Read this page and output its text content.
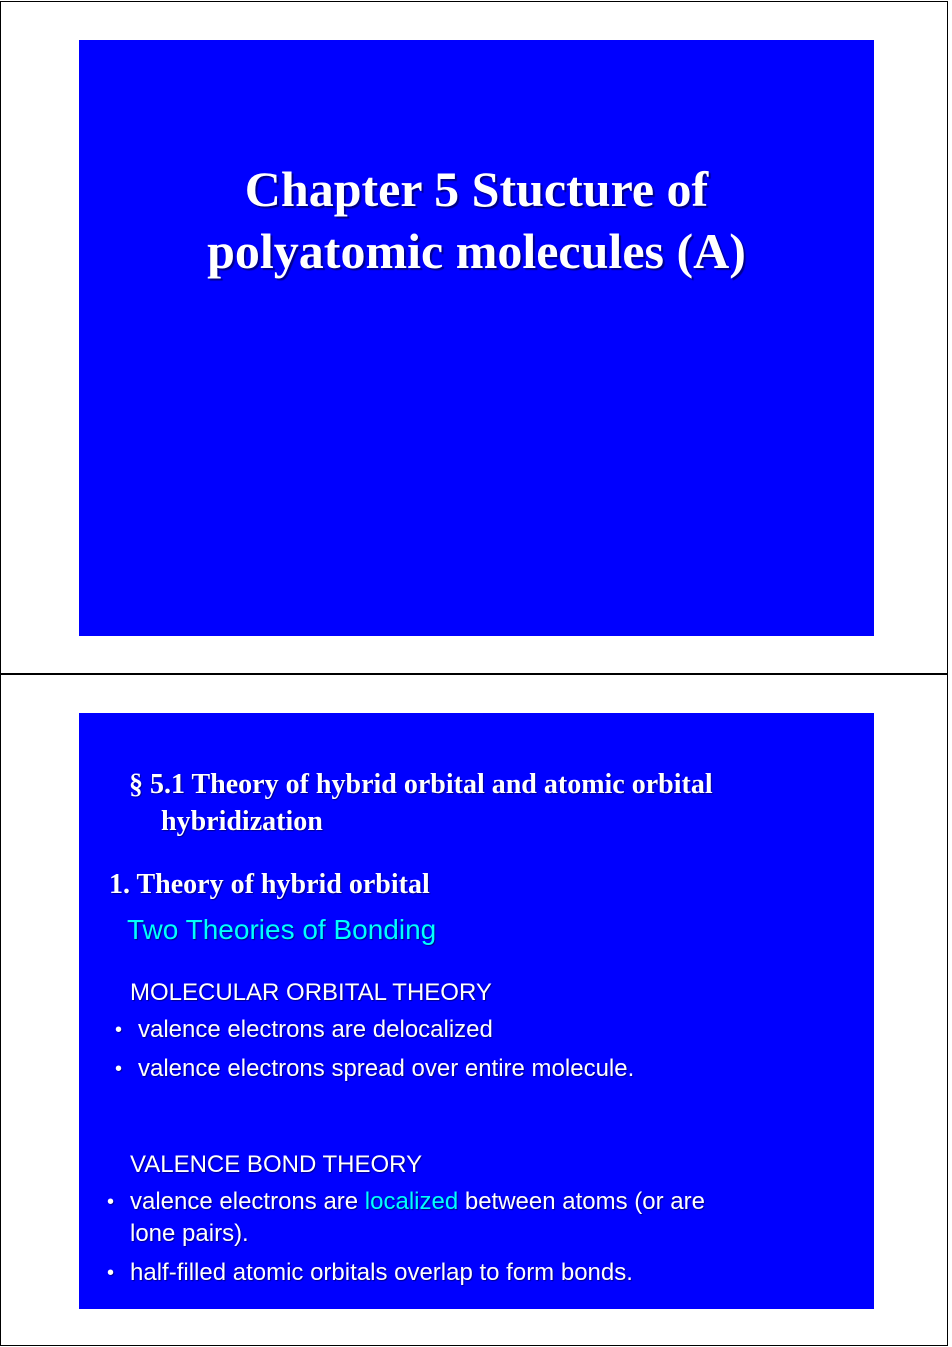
Chapter 5 Stucture of
polyatomic molecules (A)
§ 5.1 Theory of hybrid orbital and atomic orbital
hybridization
1. Theory of hybrid orbital
Two Theories of Bonding
MOLECULAR ORBITAL THEORY
• valence electrons are delocalized
• valence electrons spread over entire molecule.
VALENCE BOND THEORY
• valence electrons are localized between atoms (or are
lone pairs).
• half-filled atomic orbitals overlap to form bonds.
